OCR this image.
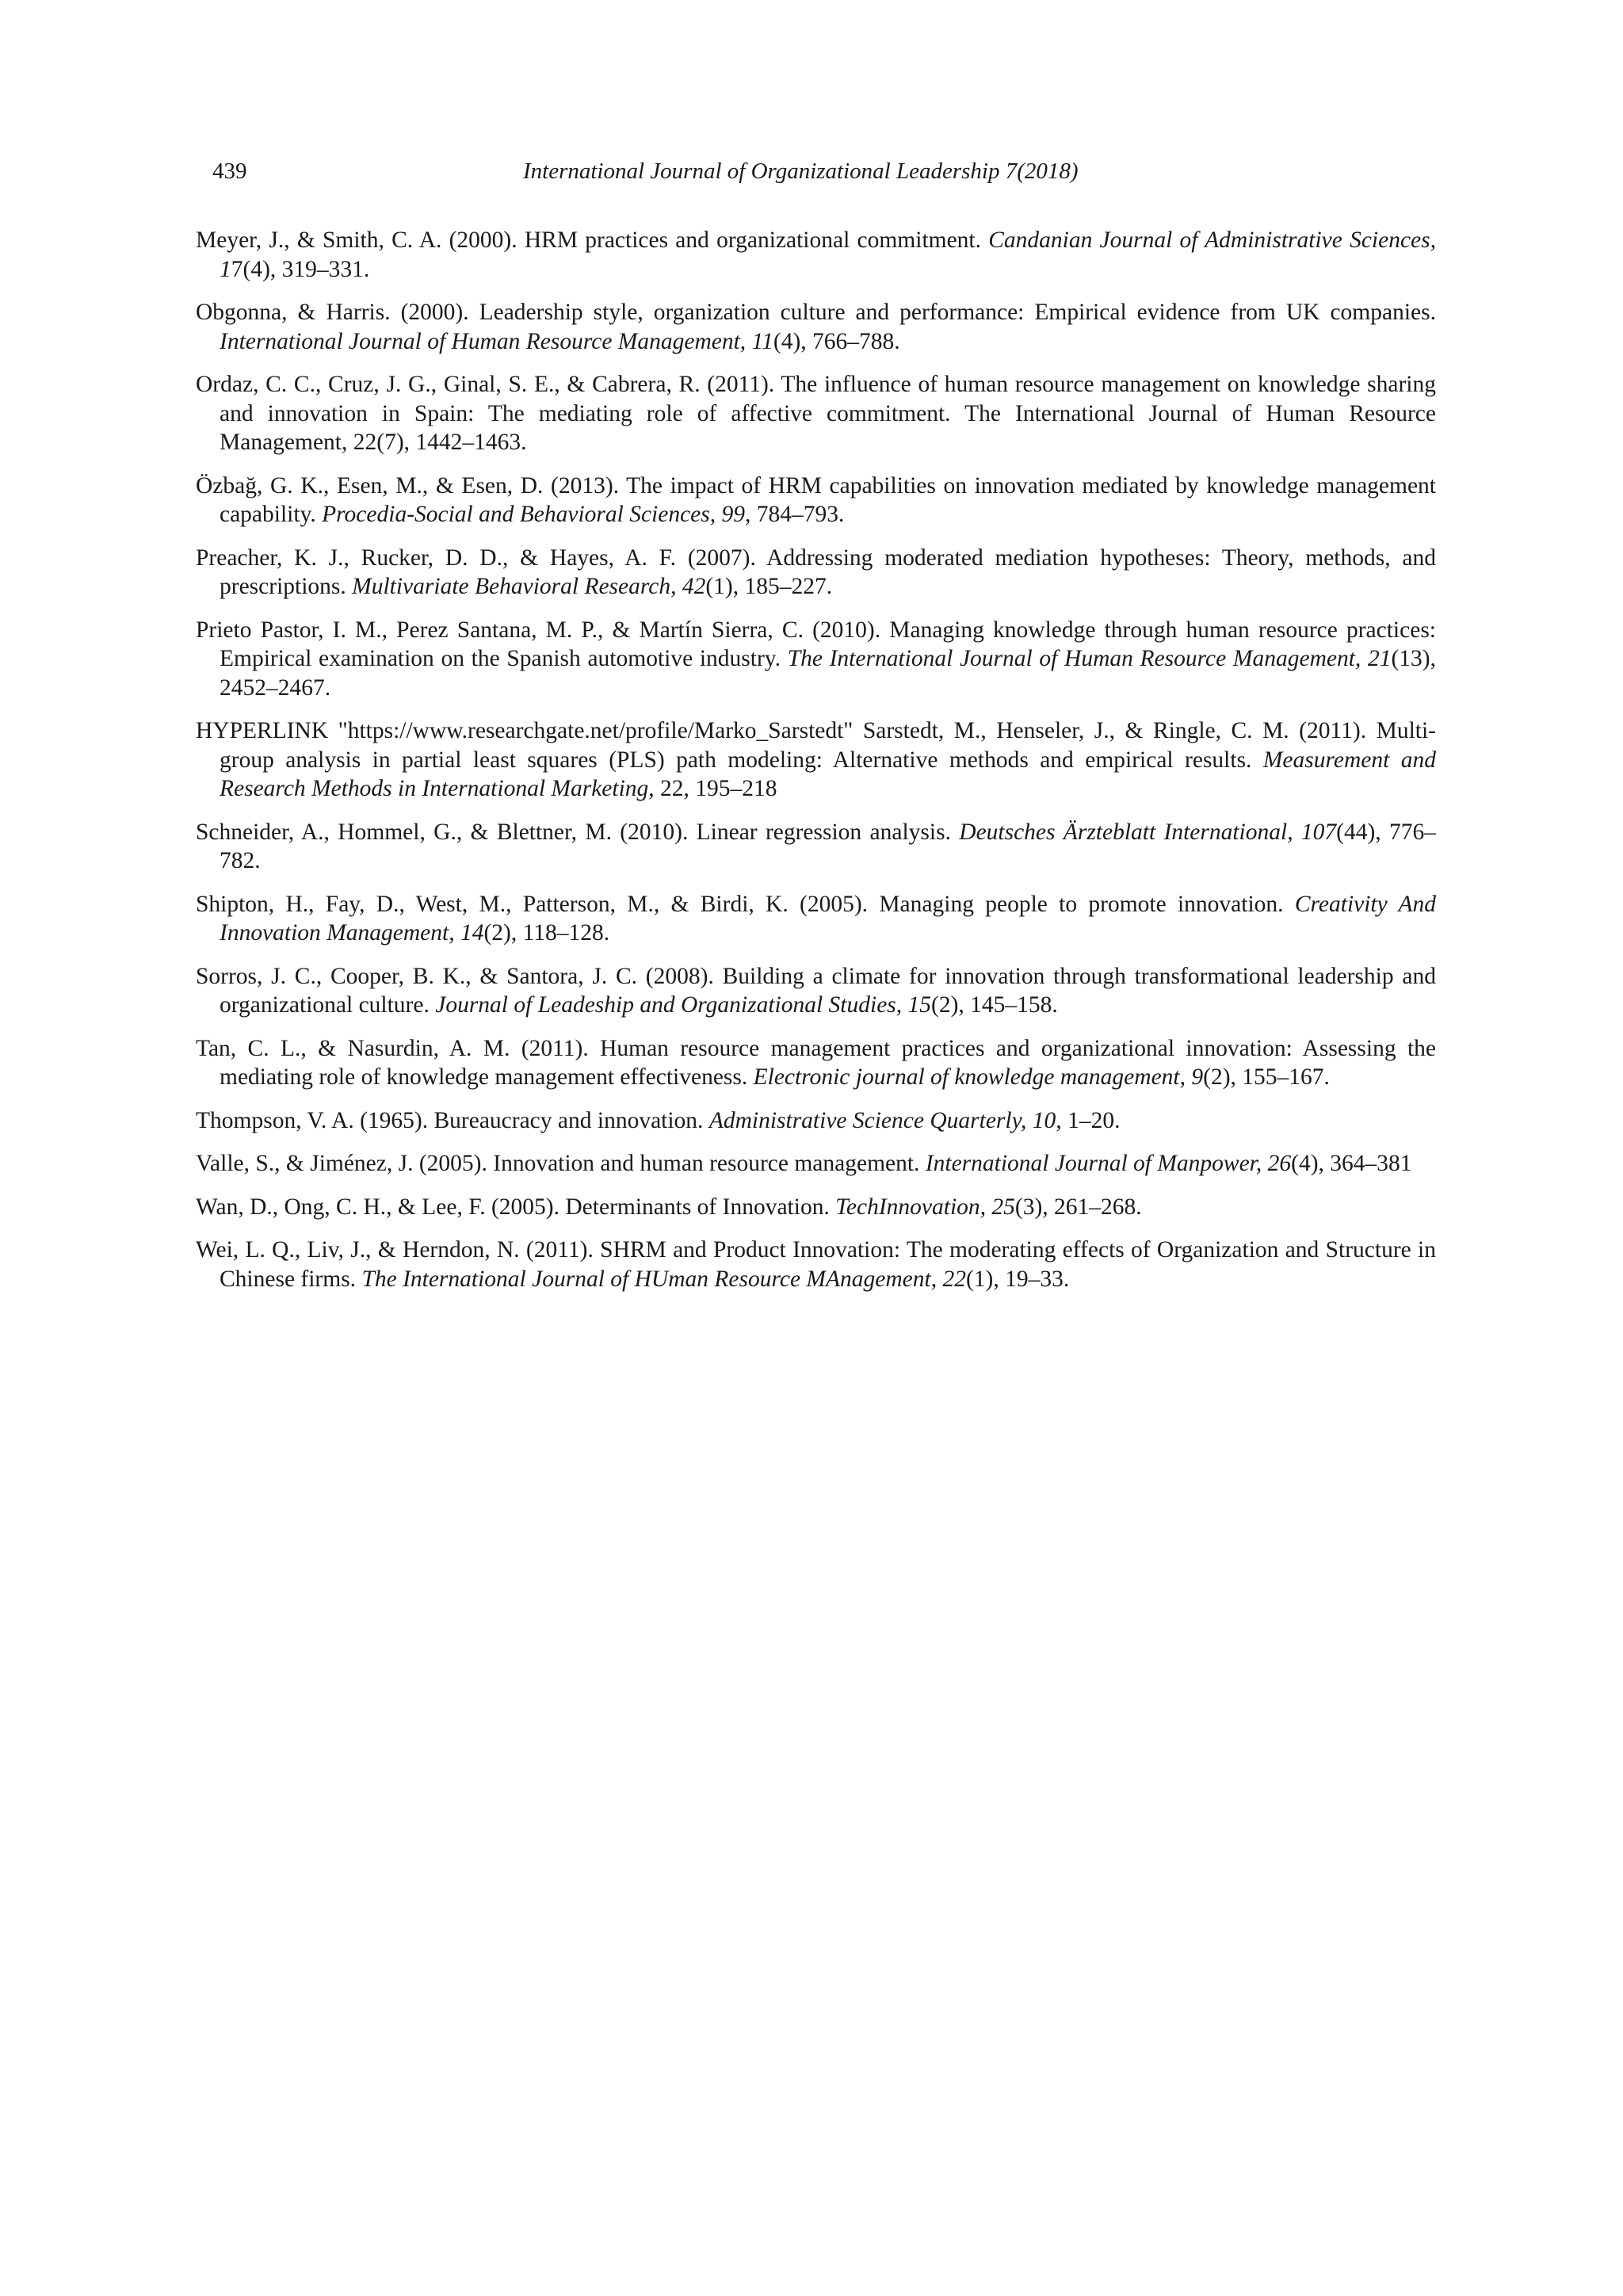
439	International Journal of Organizational Leadership 7(2018)
Meyer, J., & Smith, C. A. (2000). HRM practices and organizational commitment. Candanian Journal of Administrative Sciences, 17(4), 319–331.
Obgonna, & Harris. (2000). Leadership style, organization culture and performance: Empirical evidence from UK companies. International Journal of Human Resource Management, 11(4), 766–788.
Ordaz, C. C., Cruz, J. G., Ginal, S. E., & Cabrera, R. (2011). The influence of human resource management on knowledge sharing and innovation in Spain: The mediating role of affective commitment. The International Journal of Human Resource Management, 22(7), 1442–1463.
Özbağ, G. K., Esen, M., & Esen, D. (2013). The impact of HRM capabilities on innovation mediated by knowledge management capability. Procedia-Social and Behavioral Sciences, 99, 784–793.
Preacher, K. J., Rucker, D. D., & Hayes, A. F. (2007). Addressing moderated mediation hypotheses: Theory, methods, and prescriptions. Multivariate Behavioral Research, 42(1), 185–227.
Prieto Pastor, I. M., Perez Santana, M. P., & Martín Sierra, C. (2010). Managing knowledge through human resource practices: Empirical examination on the Spanish automotive industry. The International Journal of Human Resource Management, 21(13), 2452–2467.
HYPERLINK "https://www.researchgate.net/profile/Marko_Sarstedt" Sarstedt, M., Henseler, J., & Ringle, C. M. (2011). Multi-group analysis in partial least squares (PLS) path modeling: Alternative methods and empirical results. Measurement and Research Methods in International Marketing, 22, 195–218
Schneider, A., Hommel, G., & Blettner, M. (2010). Linear regression analysis. Deutsches Ärzteblatt International, 107(44), 776–782.
Shipton, H., Fay, D., West, M., Patterson, M., & Birdi, K. (2005). Managing people to promote innovation. Creativity And Innovation Management, 14(2), 118–128.
Sorros, J. C., Cooper, B. K., & Santora, J. C. (2008). Building a climate for innovation through transformational leadership and organizational culture. Journal of Leadeship and Organizational Studies, 15(2), 145–158.
Tan, C. L., & Nasurdin, A. M. (2011). Human resource management practices and organizational innovation: Assessing the mediating role of knowledge management effectiveness. Electronic journal of knowledge management, 9(2), 155–167.
Thompson, V. A. (1965). Bureaucracy and innovation. Administrative Science Quarterly, 10, 1–20.
Valle, S., & Jiménez, J. (2005). Innovation and human resource management. International Journal of Manpower, 26(4), 364–381
Wan, D., Ong, C. H., & Lee, F. (2005). Determinants of Innovation. TechInnovation, 25(3), 261–268.
Wei, L. Q., Liv, J., & Herndon, N. (2011). SHRM and Product Innovation: The moderating effects of Organization and Structure in Chinese firms. The International Journal of HUman Resource MAnagement, 22(1), 19–33.
